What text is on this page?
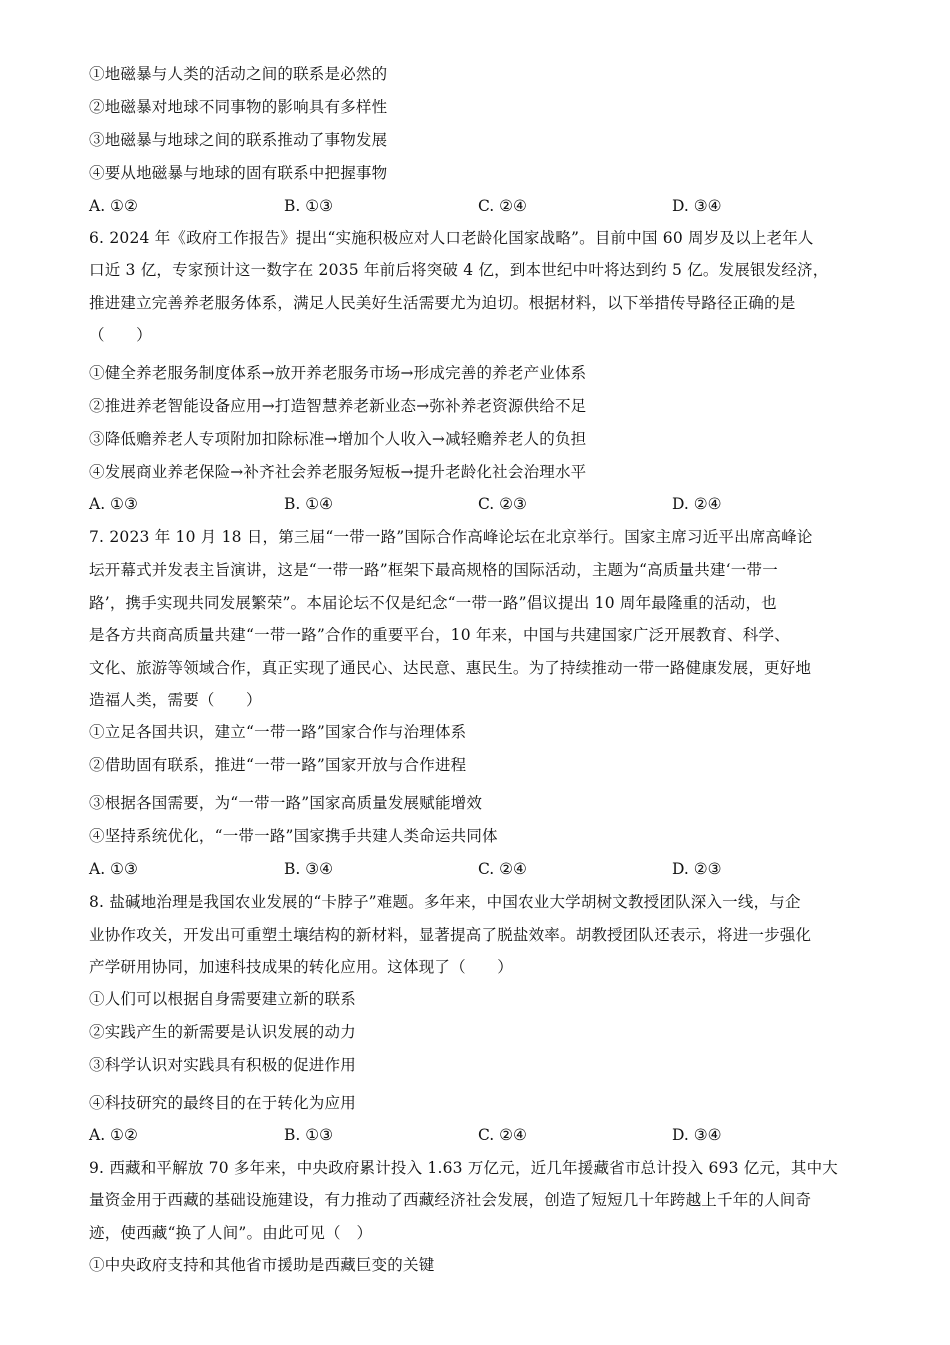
①地磁暴与人类的活动之间的联系是必然的
②地磁暴对地球不同事物的影响具有多样性
③地磁暴与地球之间的联系推动了事物发展
④要从地磁暴与地球的固有联系中把握事物
A. ①②	B. ①③	C. ②④	D. ③④
6. 2024 年《政府工作报告》提出“实施积极应对人口老龄化国家战略”。目前中国 60 周岁及以上老年人
口近 3 亿，专家预计这一数字在 2035 年前后将突破 4 亿，到本世纪中叶将达到约 5 亿。发展银发经济，
推进建立完善养老服务体系，满足人民美好生活需要尤为迫切。根据材料，以下举措传导路径正确的是
（　　）
①健全养老服务制度体系→放开养老服务市场→形成完善的养老产业体系
②推进养老智能设备应用→打造智慧养老新业态→弥补养老资源供给不足
③降低赡养老人专项附加扣除标准→增加个人收入→减轻赡养老人的负担
④发展商业养老保险→补齐社会养老服务短板→提升老龄化社会治理水平
A. ①③	B. ①④	C. ②③	D. ②④
7. 2023 年 10 月 18 日，第三届“一带一路”国际合作高峰论坛在北京举行。国家主席习近平出席高峰论
坛开幕式并发表主旨演讲，这是“一带一路”框架下最高规格的国际活动，主题为“高质量共建‘一带一
路’，携手实现共同发展繁荣”。本届论坛不仅是纪念“一带一路”倡议提出 10 周年最隆重的活动，也
是各方共商高质量共建“一带一路”合作的重要平台，10 年来，中国与共建国家广泛开展教育、科学、
文化、旅游等领域合作，真正实现了通民心、达民意、惠民生。为了持续推动一带一路健康发展，更好地
造福人类，需要（　　）
①立足各国共识，建立“一带一路”国家合作与治理体系
②借助固有联系，推进“一带一路”国家开放与合作进程
③根据各国需要，为“一带一路”国家高质量发展赋能增效
④坚持系统优化，“一带一路”国家携手共建人类命运共同体
A. ①③	B. ③④	C. ②④	D. ②③
8. 盐碱地治理是我国农业发展的“卡脖子”难题。多年来，中国农业大学胡树文教授团队深入一线，与企
业协作攻关，开发出可重塑土壤结构的新材料，显著提高了脱盐效率。胡教授团队还表示，将进一步强化
产学研用协同，加速科技成果的转化应用。这体现了（　　）
①人们可以根据自身需要建立新的联系
②实践产生的新需要是认识发展的动力
③科学认识对实践具有积极的促进作用
④科技研究的最终目的在于转化为应用
A. ①②	B. ①③	C. ②④	D. ③④
9. 西藏和平解放 70 多年来，中央政府累计投入 1.63 万亿元，近几年援藏省市总计投入 693 亿元，其中大
量资金用于西藏的基础设施建设，有力推动了西藏经济社会发展，创造了短短几十年跨越上千年的人间奇
迹，使西藏“换了人间”。由此可见（　）
①中央政府支持和其他省市援助是西藏巨变的关键
